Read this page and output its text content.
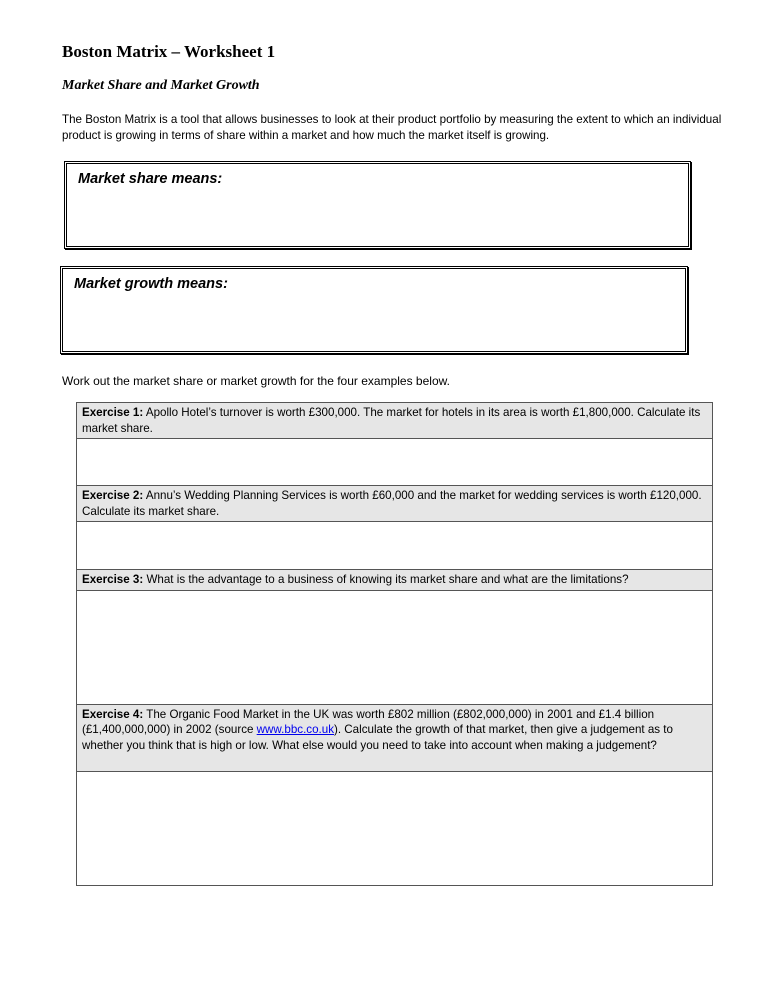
Boston Matrix – Worksheet 1
Market Share and Market Growth

The Boston Matrix is a tool that allows businesses to look at their product portfolio by measuring the extent to which an individual product is growing in terms of share within a market and how much the market itself is growing.

Market share means:
Market growth means:

Work out the market share or market growth for the four examples below.

Exercise 1: Apollo Hotel’s turnover is worth £300,000. The market for hotels in its area is worth £1,800,000. Calculate its market share.

Exercise 2: Annu’s Wedding Planning Services is worth £60,000 and the market for wedding services is worth £120,000. Calculate its market share.

Exercise 3: What is the advantage to a business of knowing its market share and what are the limitations?

Exercise 4: The Organic Food Market in the UK was worth £802 million (£802,000,000) in 2001 and £1.4 billion (£1,400,000,000) in 2002 (source www.bbc.co.uk). Calculate the growth of that market, then give a judgement as to whether you think that is high or low. What else would you need to take into account when making a judgement?
